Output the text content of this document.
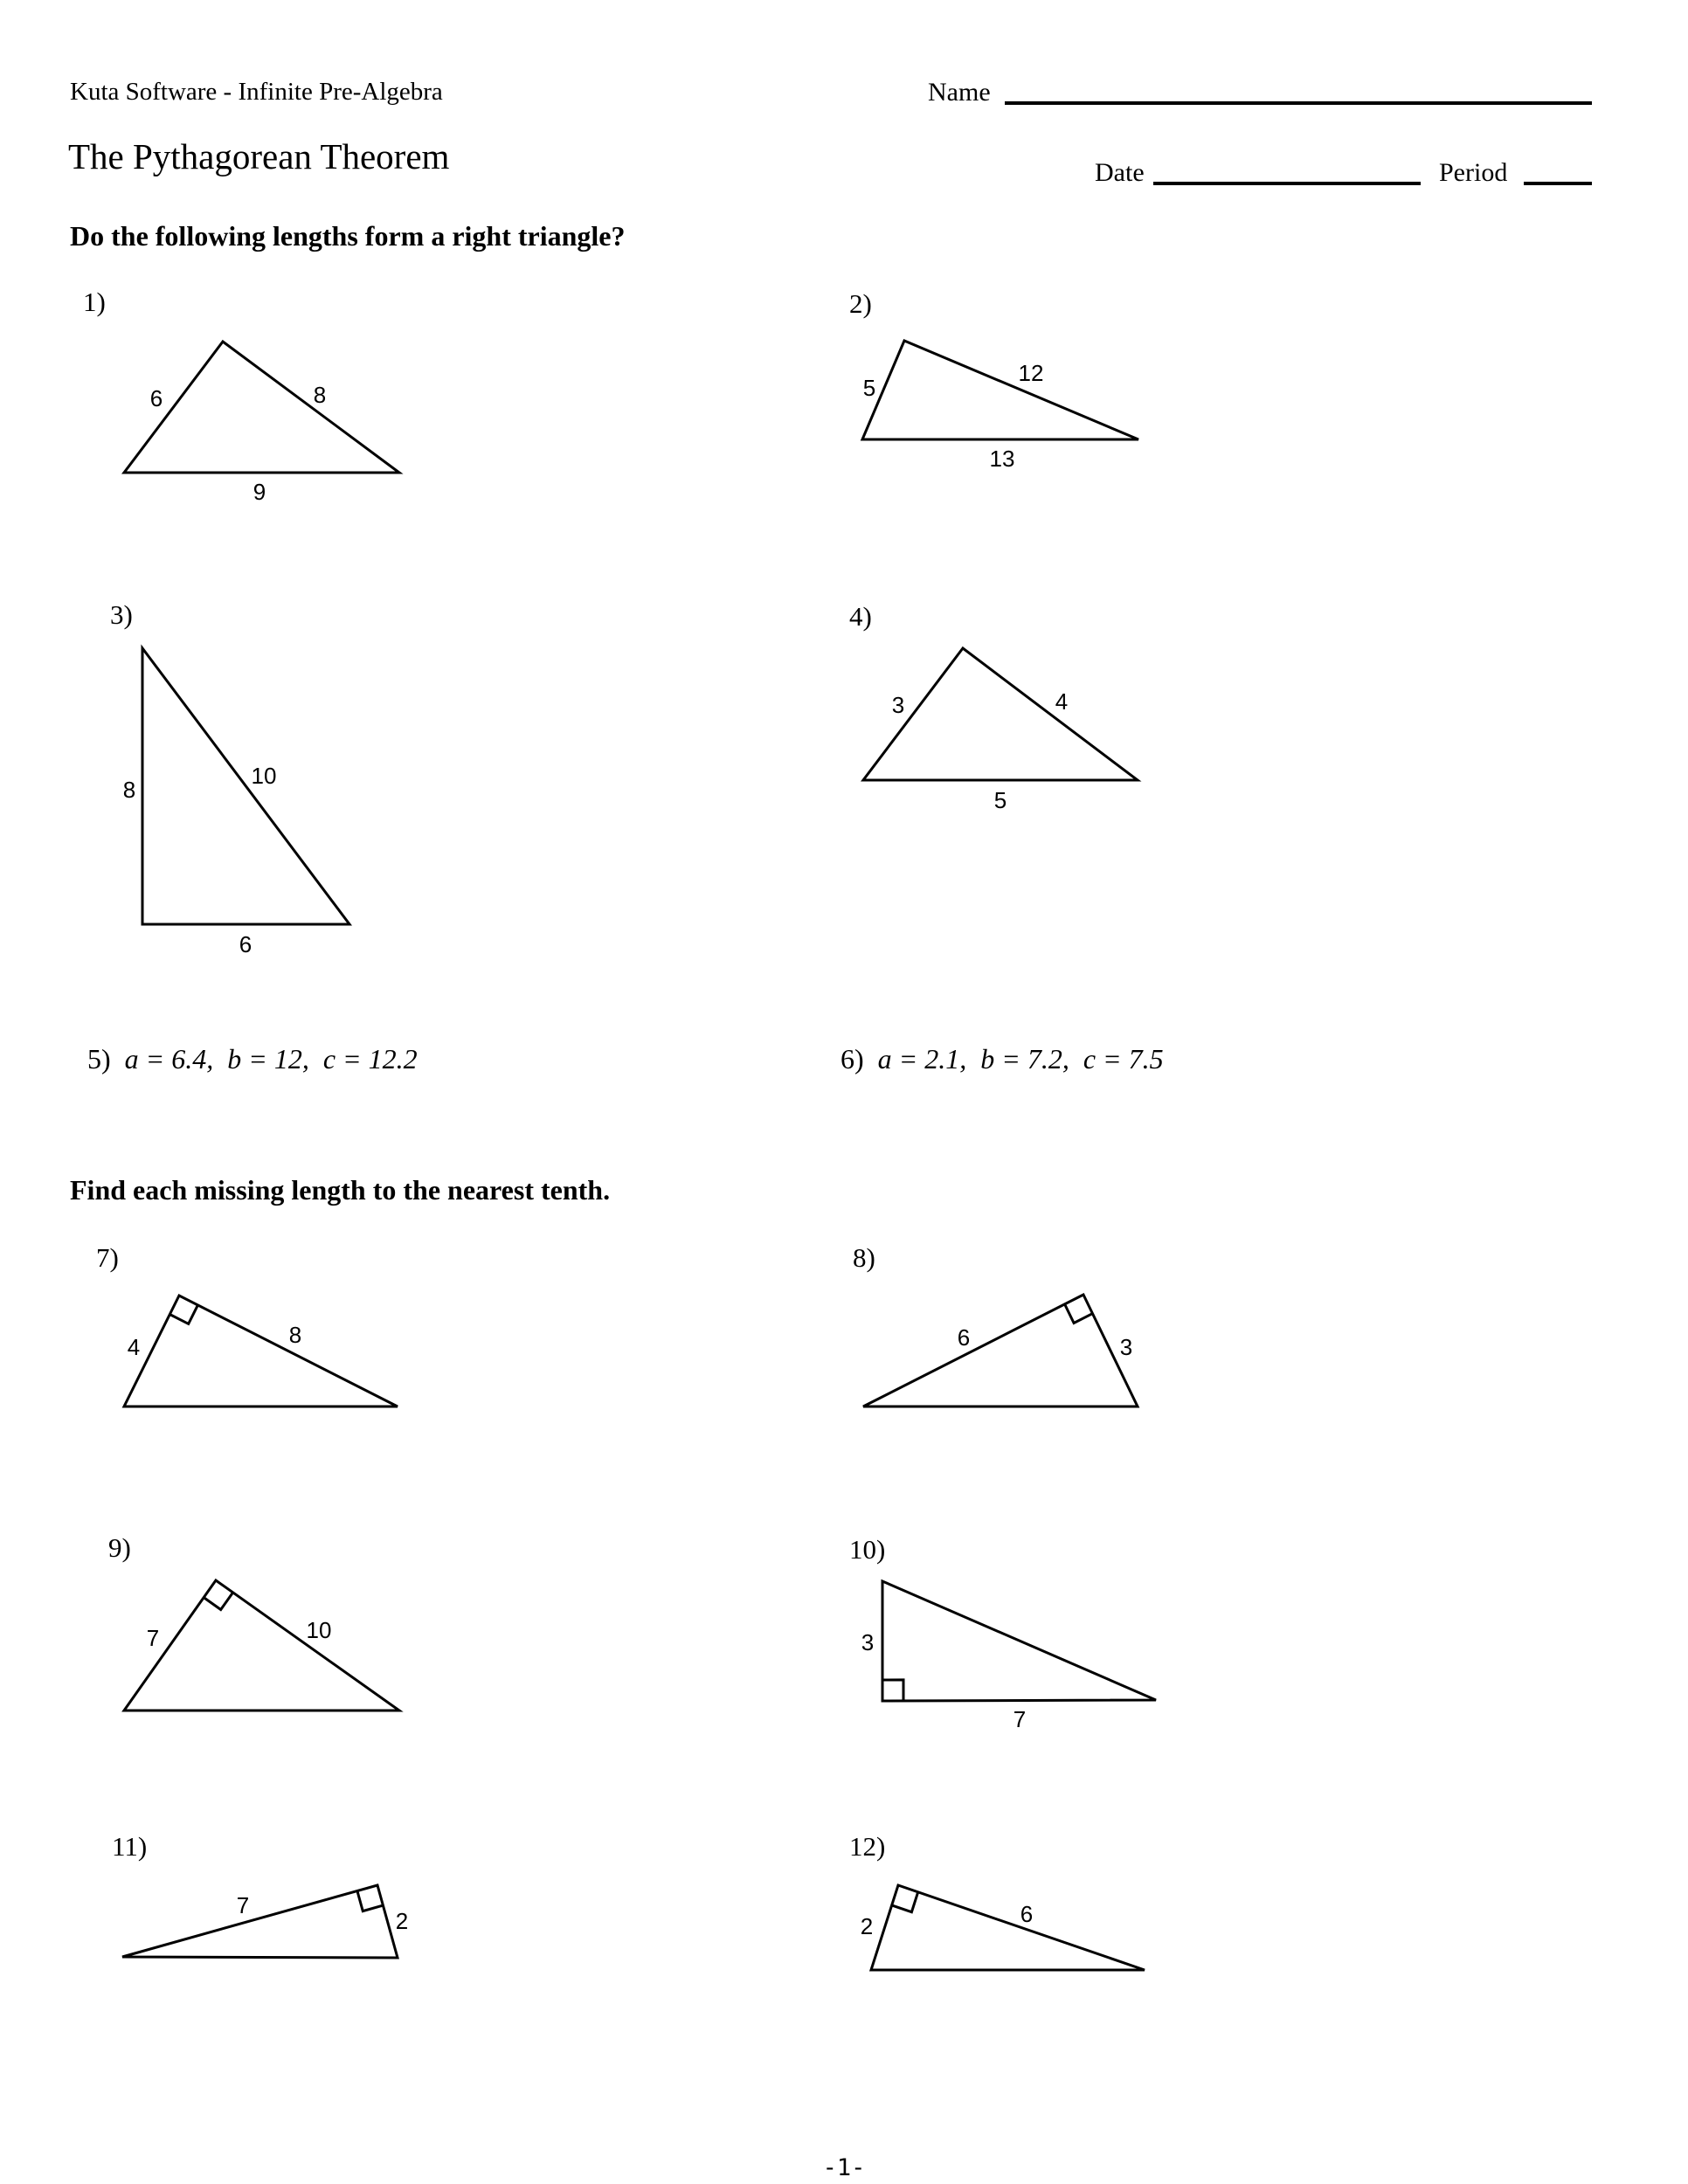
Kuta Software - Infinite Pre-Algebra	Name
The Pythagorean Theorem	Date	Period
Do the following lengths form a right triangle?
Find each missing length to the nearest tenth.
6	8
9
5
12
13
8
10
6
3	4
5
4	8	6	3
7	10	3
7
7
2	2	6
1)	2)
3)	4)
7)	8)
9)	10)
11)	12)
5) a = 6.4,  b = 12,  c = 12.2	6) a = 2.1,  b = 7.2,  c = 7.5
-1-
